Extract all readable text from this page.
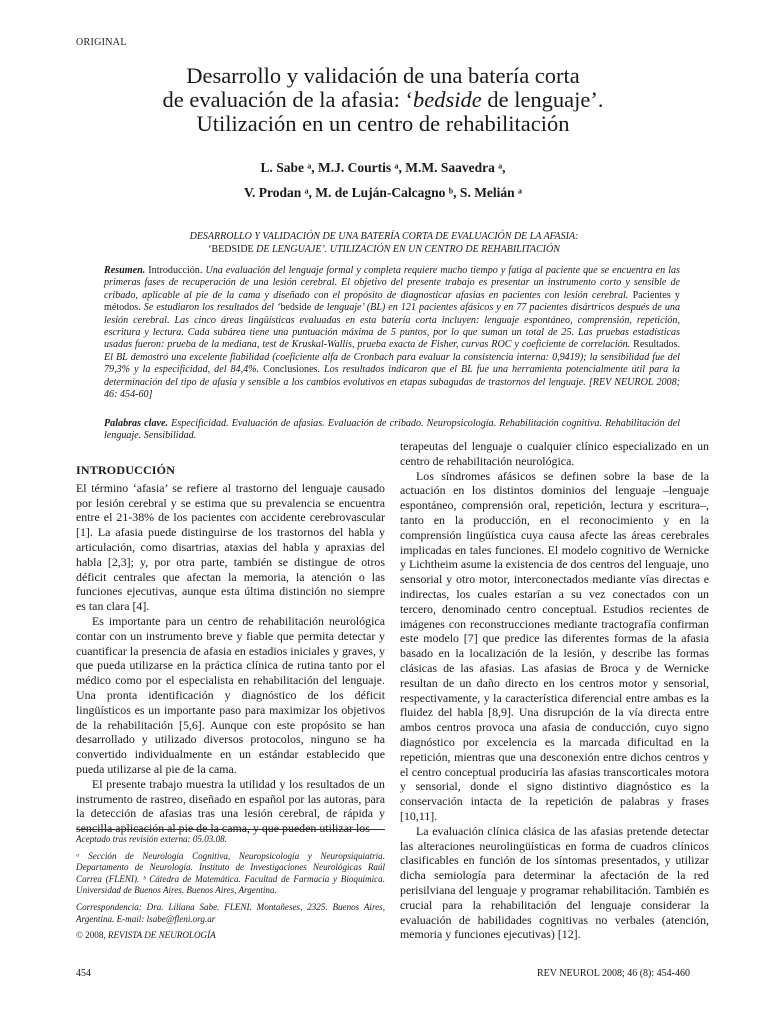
ORIGINAL
Desarrollo y validación de una batería corta
de evaluación de la afasia: ‘bedside de lenguaje’.
Utilización en un centro de rehabilitación
L. Sabe ᵃ, M.J. Courtis ᵃ, M.M. Saavedra ᵃ,
V. Prodan ᵃ, M. de Luján-Calcagno ᵇ, S. Melián ᵃ
DESARROLLO Y VALIDACIÓN DE UNA BATERÍA CORTA DE EVALUACIÓN DE LA AFASIA:
‘BEDSIDE DE LENGUAJE’. UTILIZACIÓN EN UN CENTRO DE REHABILITACIÓN
Resumen. Introducción. Una evaluación del lenguaje formal y completa requiere mucho tiempo y fatiga al paciente que se encuentra en las primeras fases de recuperación de una lesión cerebral. El objetivo del presente trabajo es presentar un instrumento corto y sensible de cribado, aplicable al pie de la cama y diseñado con el propósito de diagnosticar afasias en pacientes con lesión cerebral. Pacientes y métodos. Se estudiaron los resultados del ‘bedside de lenguaje’ (BL) en 121 pacientes afásicos y en 77 pacientes disártricos después de una lesión cerebral. Las cinco áreas lingüísticas evaluadas en esta batería corta incluyen: lenguaje espontáneo, comprensión, repetición, escritura y lectura. Cada subárea tiene una puntuación máxima de 5 puntos, por lo que suman un total de 25. Las pruebas estadísticas usadas fueron: prueba de la mediana, test de Kruskal-Wallis, prueba exacta de Fisher, curvas ROC y coeficiente de correlación. Resultados. El BL demostró una excelente fiabilidad (coeficiente alfa de Cronbach para evaluar la consistencia interna: 0,9419); la sensibilidad fue del 79,3% y la especificidad, del 84,4%. Conclusiones. Los resultados indicaron que el BL fue una herramienta potencialmente útil para la determinación del tipo de afasia y sensible a los cambios evolutivos en etapas subagudas de trastornos del lenguaje. [REV NEUROL 2008; 46: 454-60]
Palabras clave. Especificidad. Evaluación de afasias. Evaluación de cribado. Neuropsicología. Rehabilitación cognitiva. Rehabilitación del lenguaje. Sensibilidad.
INTRODUCCIÓN

El término ‘afasia’ se refiere al trastorno del lenguaje causado por lesión cerebral y se estima que su prevalencia se encuentra entre el 21-38% de los pacientes con accidente cerebrovascular [1]. La afasia puede distinguirse de los trastornos del habla y articulación, como disartrias, ataxias del habla y apraxias del habla [2,3]; y, por otra parte, también se distingue de otros déficit centrales que afectan la memoria, la atención o las funciones ejecutivas, aunque esta última distinción no siempre es tan clara [4].

Es importante para un centro de rehabilitación neurológica contar con un instrumento breve y fiable que permita detectar y cuantificar la presencia de afasia en estadios iniciales y graves, y que pueda utilizarse en la práctica clínica de rutina tanto por el médico como por el especialista en rehabilitación del lenguaje. Una pronta identificación y diagnóstico de los déficit lingüísticos es un importante paso para maximizar los objetivos de la rehabilitación [5,6]. Aunque con este propósito se han desarrollado y utilizado diversos protocolos, ninguno se ha convertido individualmente en un estándar establecido que pueda utilizarse al pie de la cama.

El presente trabajo muestra la utilidad y los resultados de un instrumento de rastreo, diseñado en español por las autoras, para la detección de afasias tras una lesión cerebral, de rápida y sencilla aplicación al pie de la cama, y que pueden utilizar los

terapeutas del lenguaje o cualquier clínico especializado en un centro de rehabilitación neurológica.

Los síndromes afásicos se definen sobre la base de la actuación en los distintos dominios del lenguaje –lenguaje espontáneo, comprensión oral, repetición, lectura y escritura–, tanto en la producción, en el reconocimiento y en la comprensión lingüística cuya causa afecte las áreas cerebrales implicadas en tales funciones. El modelo cognitivo de Wernicke y Lichtheim asume la existencia de dos centros del lenguaje, uno sensorial y otro motor, interconectados mediante vías directas e indirectas, los cuales estarían a su vez conectados con un tercero, denominado centro conceptual. Estudios recientes de imágenes con reconstrucciones mediante tractografía confirman este modelo [7] que predice las diferentes formas de la afasia basado en la localización de la lesión, y describe las formas clásicas de las afasias. Las afasias de Broca y de Wernicke resultan de un daño directo en los centros motor y sensorial, respectivamente, y la característica diferencial entre ambas es la fluidez del habla [8,9]. Una disrupción de la vía directa entre ambos centros provoca una afasia de conducción, cuyo signo diagnóstico por excelencia es la marcada dificultad en la repetición, mientras que una desconexión entre dichos centros y el centro conceptual produciría las afasias transcorticales motora y sensorial, donde el signo distintivo diagnóstico es la conservación intacta de la repetición de palabras y frases [10,11].

La evaluación clínica clásica de las afasias pretende detectar las alteraciones neurolingüísticas en forma de cuadros clínicos clasificables en función de los síntomas presentados, y utilizar dicha semiología para determinar la afectación de la red perisilviana del lenguaje y programar rehabilitación. También es crucial para la rehabilitación del lenguaje considerar la evaluación de habilidades cognitivas no verbales (atención, memoria y funciones ejecutivas) [12].

Aceptado tras revisión externa: 05.03.08.
ᵃ Sección de Neurología Cognitiva, Neuropsicología y Neuropsiquiatría. Departamento de Neurología. Instituto de Investigaciones Neurológicas Raúl Carrea (FLENI). ᵇ Cátedra de Matemática. Facultad de Farmacia y Bioquímica. Universidad de Buenos Aires. Buenos Aires, Argentina.
Correspondencia: Dra. Liliana Sabe. FLENI. Montañeses, 2325. Buenos Aires, Argentina. E-mail: lsabe@fleni.org.ar
© 2008, REVISTA DE NEUROLOGÍA
454	REV NEUROL 2008; 46 (8): 454-460
